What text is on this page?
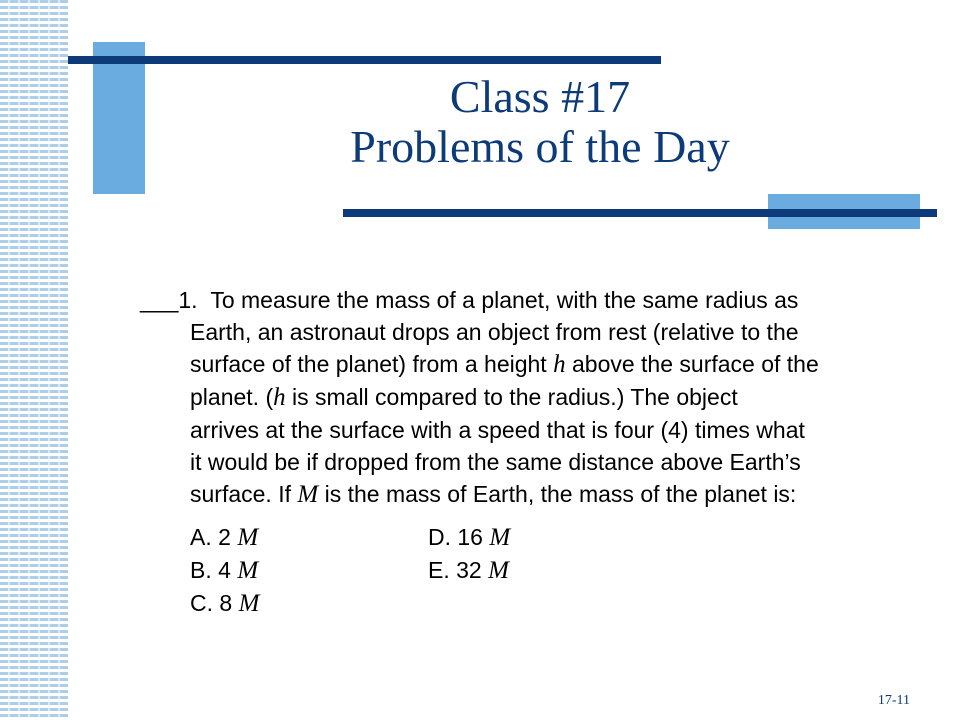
Class #17
Problems of the Day
___1. To measure the mass of a planet, with the same radius as
Earth, an astronaut drops an object from rest (relative to the
surface of the planet) from a height h above the surface of the
planet. (h is small compared to the radius.) The object
arrives at the surface with a speed that is four (4) times what
it would be if dropped from the same distance above Earth’s
surface. If M is the mass of Earth, the mass of the planet is:
A. 2 M	D. 16 M
B. 4 M	E. 32 M
C. 8 M
17-11
